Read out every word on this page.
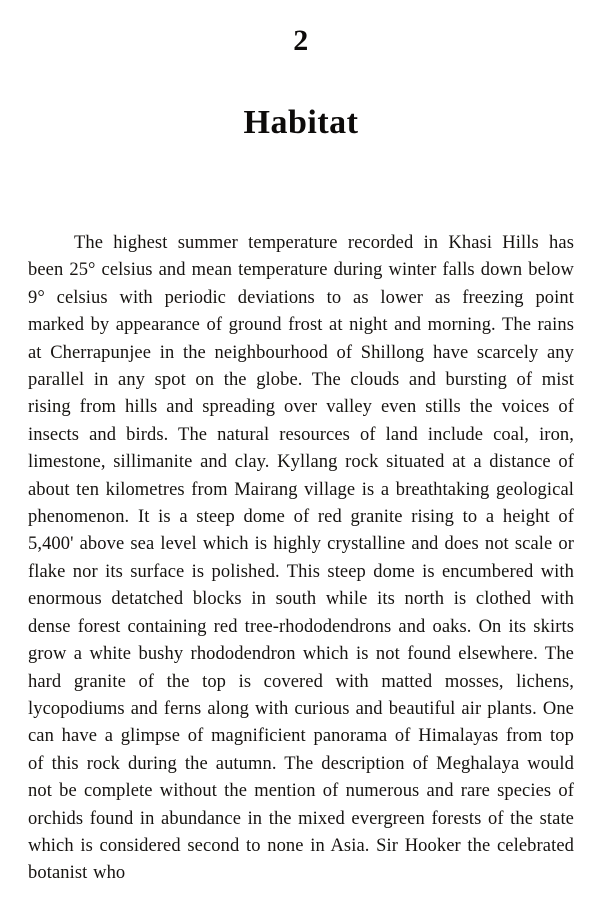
2
Habitat

The highest summer temperature recorded in Khasi Hills has been 25° celsius and mean temperature during winter falls down below 9° celsius with periodic deviations to as lower as freezing point marked by appearance of ground frost at night and morning. The rains at Cherrapunjee in the neighbourhood of Shillong have scarcely any parallel in any spot on the globe. The clouds and bursting of mist rising from hills and spreading over valley even stills the voices of insects and birds. The natural resources of land include coal, iron, limestone, sillimanite and clay. Kyllang rock situated at a distance of about ten kilometres from Mairang village is a breathtaking geological phenomenon. It is a steep dome of red granite rising to a height of 5,400' above sea level which is highly crystalline and does not scale or flake nor its surface is polished. This steep dome is encumbered with enormous detatched blocks in south while its north is clothed with dense forest containing red tree-rhododendrons and oaks. On its skirts grow a white bushy rhododendron which is not found elsewhere. The hard granite of the top is covered with matted mosses, lichens, lycopodiums and ferns along with curious and beautiful air plants. One can have a glimpse of magnificient panorama of Himalayas from top of this rock during the autumn. The description of Meghalaya would not be complete without the mention of numerous and rare species of orchids found in abundance in the mixed evergreen forests of the state which is considered second to none in Asia. Sir Hooker the celebrated botanist who
